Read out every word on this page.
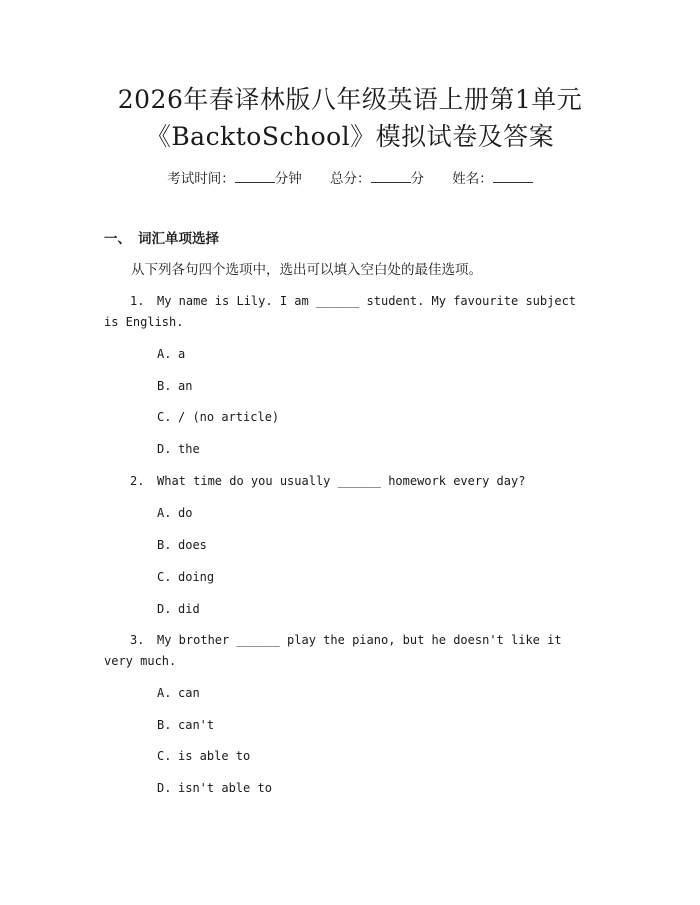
2026年春译林版八年级英语上册第1单元
《BacktoSchool》模拟试卷及答案
考试时间：	分钟 总分：	分 姓名：
一、 词汇单项选择
从下列各句四个选项中，选出可以填入空白处的最佳选项。
1. My name is Lily. I am ______ student. My favourite subject is English.
A. a
B. an
C. / (no article)
D. the
2. What time do you usually ______ homework every day?
A. do
B. does
C. doing
D. did
3. My brother ______ play the piano, but he doesn't like it very much.
A. can
B. can't
C. is able to
D. isn't able to
